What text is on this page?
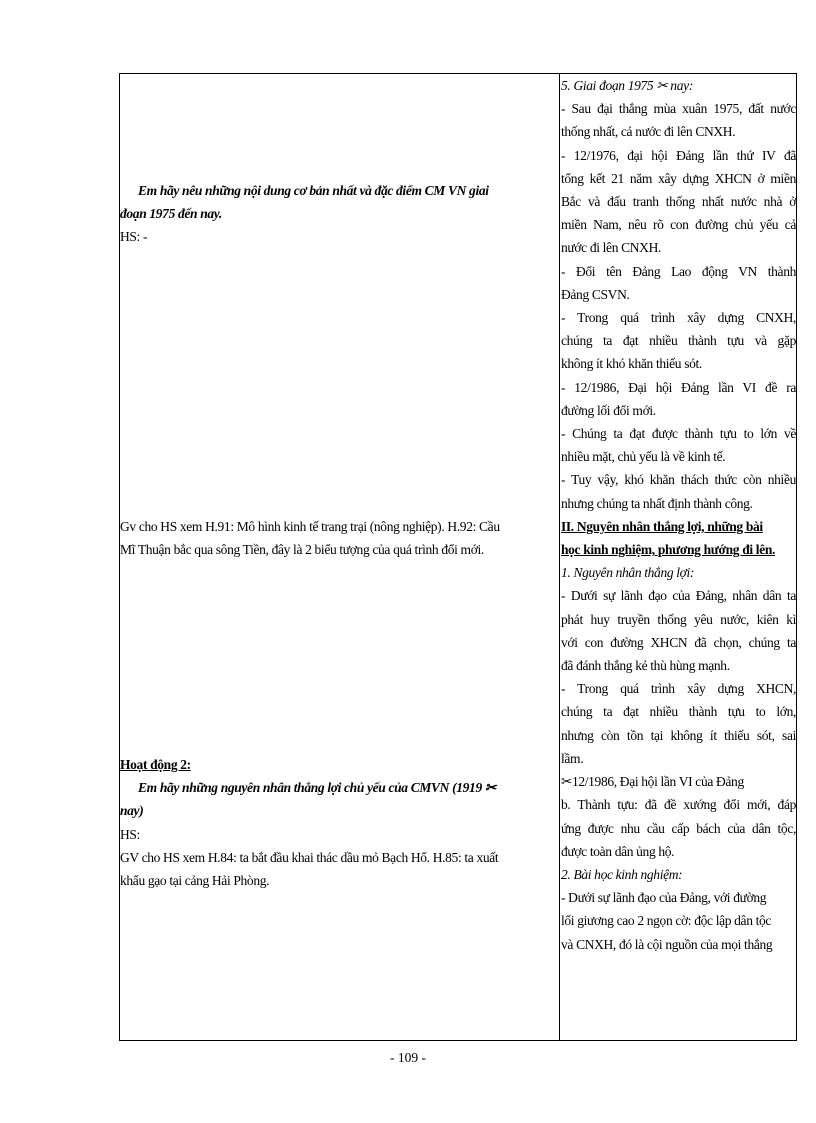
Em hãy nêu những nội dung cơ bản nhất và đặc điểm CM VN giai
đoạn 1975 đến nay.
HS: -
Gv cho HS xem H.91: Mô hình kinh tế trang trại (nông nghiệp). H.92: Cầu
Mĩ Thuận bắc qua sông Tiền, đây là 2 biểu tượng của quá trình đổi mới.
Hoạt động 2:
Em hãy những nguyên nhân thắng lợi chủ yếu của CMVN (1919 ✂
nay)
HS:
GV cho HS xem H.84: ta bắt đầu khai thác dầu mỏ Bạch Hổ. H.85: ta xuất
khẩu gạo tại cảng Hải Phòng.
5. Giai đoạn 1975 ✂ nay:
- Sau đại thắng mùa xuân 1975, đất nước
thống nhất, cả nước đi lên CNXH.
- 12/1976, đại hội Đảng lần thứ IV đã
tổng kết 21 năm xây dựng XHCN ở miền
Bắc và đấu tranh thống nhất nước nhà ở
miền Nam, nêu rõ con đường chủ yếu cả
nước đi lên CNXH.
- Đổi tên Đảng Lao động VN thành
Đảng CSVN.
- Trong quá trình xây dựng CNXH,
chúng ta đạt nhiều thành tựu và gặp
không ít khó khăn thiếu sót.
- 12/1986, Đại hội Đảng lần VI đề ra
đường lối đổi mới.
- Chúng ta đạt được thành tựu to lớn về
nhiều mặt, chủ yếu là về kinh tế.
- Tuy vậy, khó khăn thách thức còn nhiều
nhưng chúng ta nhất định thành công.
II. Nguyên nhân thắng lợi, những bài
học kinh nghiệm, phương hướng đi lên.
1. Nguyên nhân thắng lợi:
- Dưới sự lãnh đạo của Đảng, nhân dân ta
phát huy truyền thống yêu nước, kiên kì
với con đường XHCN đã chọn, chúng ta
đã đánh thắng kẻ thù hùng mạnh.
- Trong quá trình xây dựng XHCN,
chúng ta đạt nhiều thành tựu to lớn,
nhưng còn tồn tại không ít thiếu sót, sai
lầm.
✂12/1986, Đại hội lần VI của Đảng
b. Thành tựu: đã đề xướng đổi mới, đáp
ứng được nhu cầu cấp bách của dân tộc,
được toàn dân ủng hộ.
2. Bài học kinh nghiệm:
- Dưới sự lãnh đạo của Đảng, với đường
lối giương cao 2 ngọn cờ: độc lập dân tộc
và CNXH, đó là cội nguồn của mọi thắng
- 109 -
